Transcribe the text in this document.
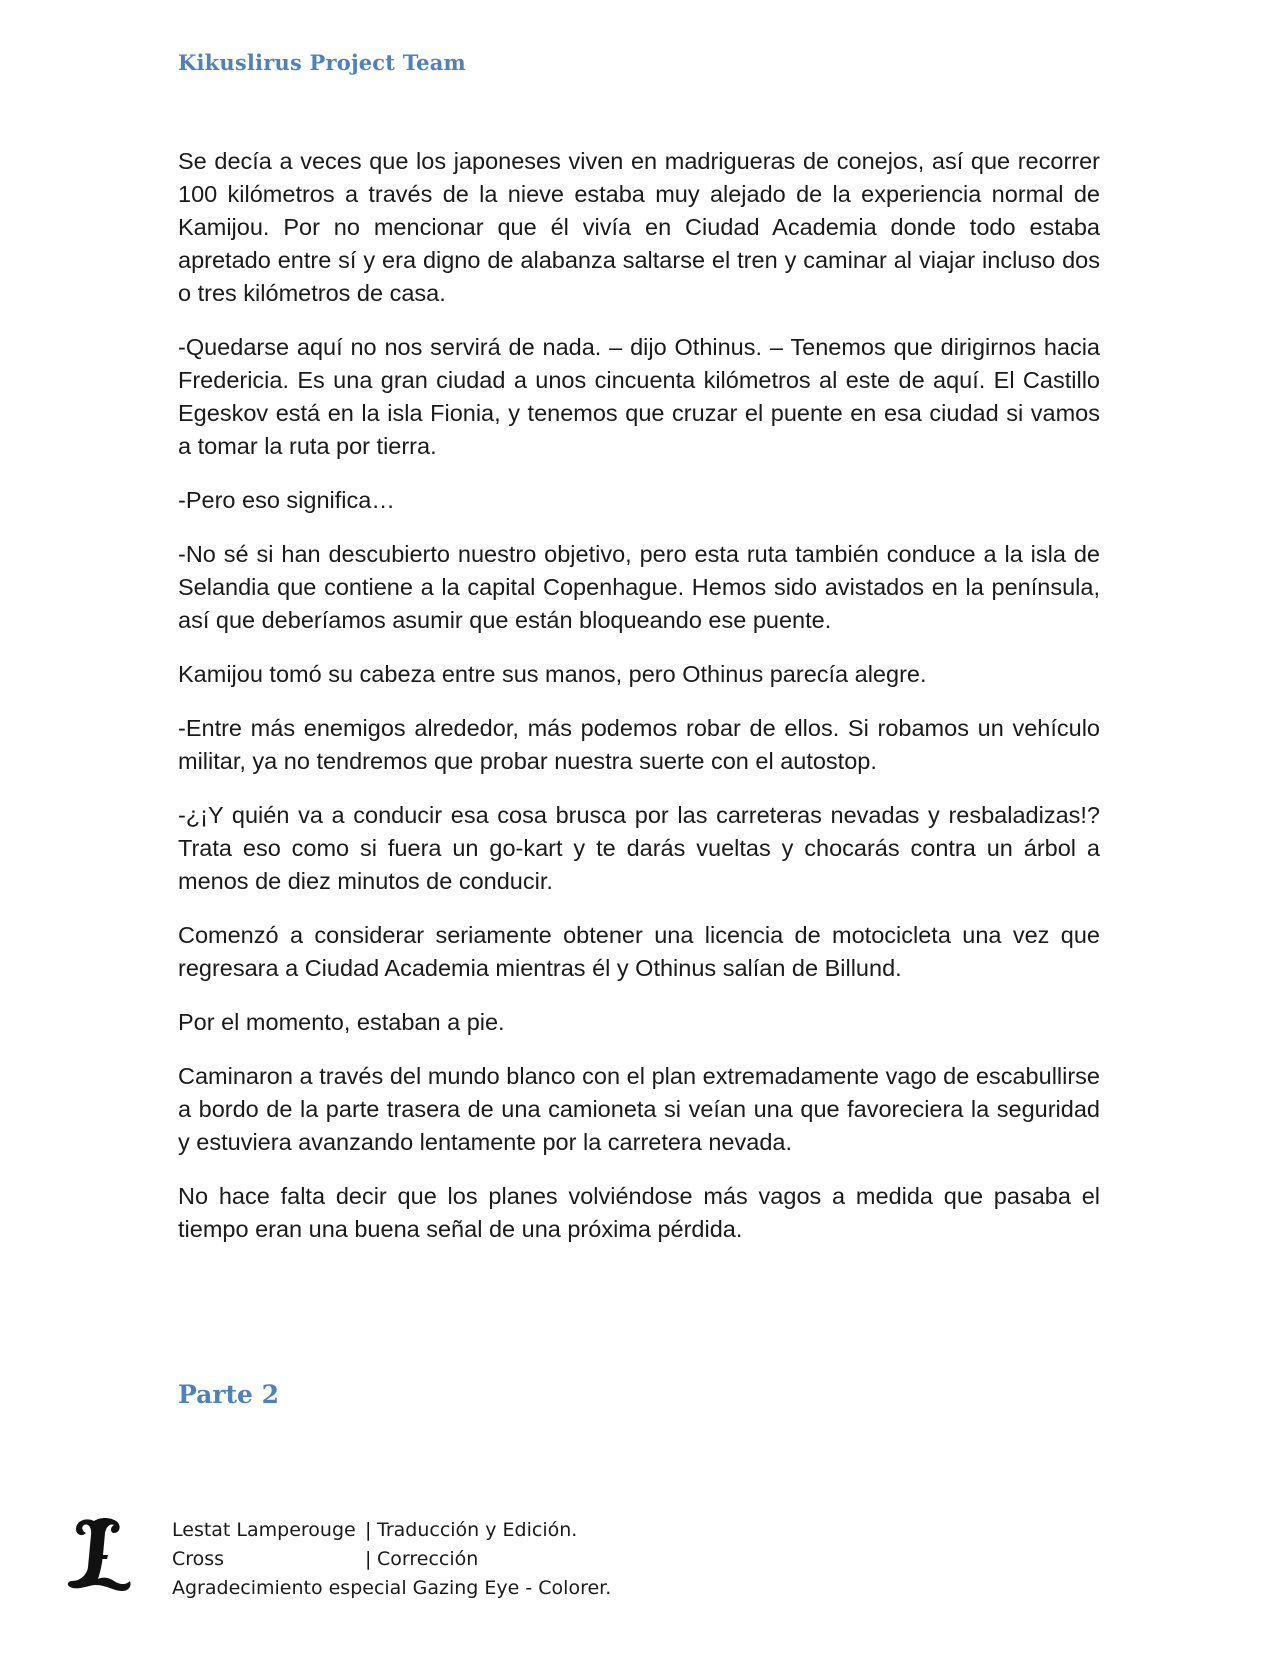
Kikuslirus Project Team

Se decía a veces que los japoneses viven en madrigueras de conejos, así que recorrer 100 kilómetros a través de la nieve estaba muy alejado de la experiencia normal de Kamijou. Por no mencionar que él vivía en Ciudad Academia donde todo estaba apretado entre sí y era digno de alabanza saltarse el tren y caminar al viajar incluso dos o tres kilómetros de casa.

-Quedarse aquí no nos servirá de nada. – dijo Othinus. – Tenemos que dirigirnos hacia Fredericia. Es una gran ciudad a unos cincuenta kilómetros al este de aquí. El Castillo Egeskov está en la isla Fionia, y tenemos que cruzar el puente en esa ciudad si vamos a tomar la ruta por tierra.

-Pero eso significa…

-No sé si han descubierto nuestro objetivo, pero esta ruta también conduce a la isla de Selandia que contiene a la capital Copenhague. Hemos sido avistados en la península, así que deberíamos asumir que están bloqueando ese puente.

Kamijou tomó su cabeza entre sus manos, pero Othinus parecía alegre.

-Entre más enemigos alrededor, más podemos robar de ellos. Si robamos un vehículo militar, ya no tendremos que probar nuestra suerte con el autostop.

-¿¡Y quién va a conducir esa cosa brusca por las carreteras nevadas y resbaladizas!? Trata eso como si fuera un go-kart y te darás vueltas y chocarás contra un árbol a menos de diez minutos de conducir.

Comenzó a considerar seriamente obtener una licencia de motocicleta una vez que regresara a Ciudad Academia mientras él y Othinus salían de Billund.

Por el momento, estaban a pie.

Caminaron a través del mundo blanco con el plan extremadamente vago de escabullirse a bordo de la parte trasera de una camioneta si veían una que favoreciera la seguridad y estuviera avanzando lentamente por la carretera nevada.

No hace falta decir que los planes volviéndose más vagos a medida que pasaba el tiempo eran una buena señal de una próxima pérdida.

Parte 2
Lestat Lamperouge | Traducción y Edición.
Cross	| Corrección
Agradecimiento especial Gazing Eye - Colorer.
